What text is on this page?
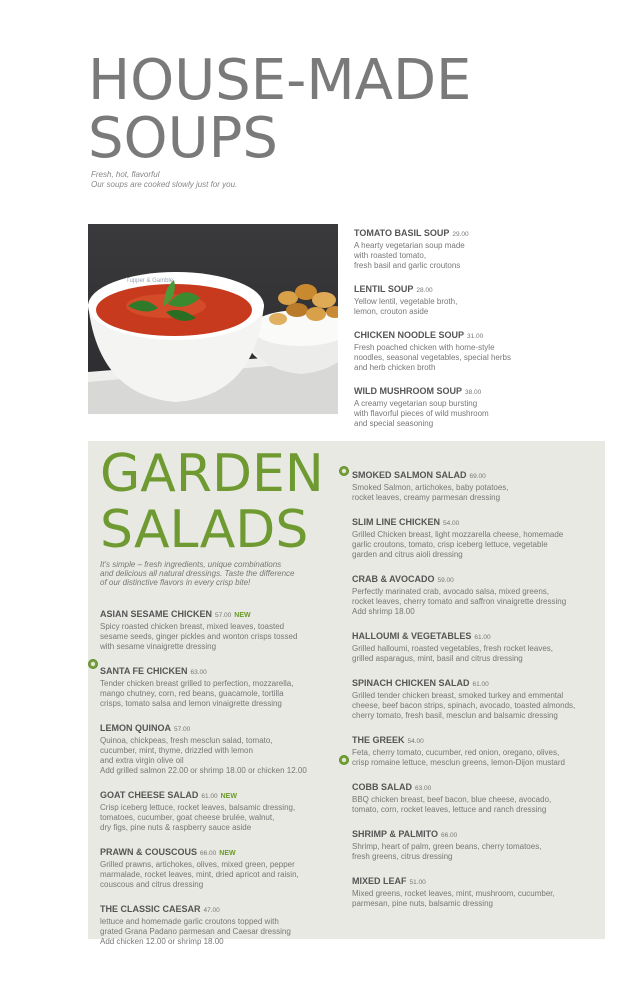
HOUSE-MADE
SOUPS
Fresh, hot, flavorful
Our soups are cooked slowly just for you.
Tupper & Gamble
TOMATO BASIL SOUP 29.00
A hearty vegetarian soup made
with roasted tomato,
fresh basil and garlic croutons
LENTIL SOUP 28.00
Yellow lentil, vegetable broth,
lemon, crouton aside
CHICKEN NOODLE SOUP 31.00
Fresh poached chicken with home-style
noodles, seasonal vegetables, special herbs
and herb chicken broth
WILD MUSHROOM SOUP 38.00
A creamy vegetarian soup bursting
with flavorful pieces of wild mushroom
and special seasoning
GARDEN
SALADS
It's simple – fresh ingredients, unique combinations
and delicious all natural dressings. Taste the difference
of our distinctive flavors in every crisp bite!
ASIAN SESAME CHICKEN 57.00 NEW
Spicy roasted chicken breast, mixed leaves, toasted
sesame seeds, ginger pickles and wonton crisps tossed
with sesame vinaigrette dressing
SANTA FE CHICKEN 63.00
Tender chicken breast grilled to perfection, mozzarella,
mango chutney, corn, red beans, guacamole, tortilla
crisps, tomato salsa and lemon vinaigrette dressing
LEMON QUINOA 57.00
Quinoa, chickpeas, fresh mesclun salad, tomato,
cucumber, mint, thyme, drizzled with lemon
and extra virgin olive oil
Add grilled salmon 22.00 or shrimp 18.00 or chicken 12.00
GOAT CHEESE SALAD 61.00 NEW
Crisp iceberg lettuce, rocket leaves, balsamic dressing,
tomatoes, cucumber, goat cheese brulée, walnut,
dry figs, pine nuts & raspberry sauce aside
PRAWN & COUSCOUS 66.00 NEW
Grilled prawns, artichokes, olives, mixed green, pepper
marmalade, rocket leaves, mint, dried apricot and raisin,
couscous and citrus dressing
THE CLASSIC CAESAR 47.00
lettuce and homemade garlic croutons topped with
grated Grana Padano parmesan and Caesar dressing
Add chicken 12.00 or shrimp 18.00
SMOKED SALMON SALAD 69.00
Smoked Salmon, artichokes, baby potatoes,
rocket leaves, creamy parmesan dressing
SLIM LINE CHICKEN 54.00
Grilled Chicken breast, light mozzarella cheese, homemade
garlic croutons, tomato, crisp iceberg lettuce, vegetable
garden and citrus aioli dressing
CRAB & AVOCADO 59.00
Perfectly marinated crab, avocado salsa, mixed greens,
rocket leaves, cherry tomato and saffron vinaigrette dressing
Add shrimp 18.00
HALLOUMI & VEGETABLES 61.00
Grilled halloumi, roasted vegetables, fresh rocket leaves,
grilled asparagus, mint, basil and citrus dressing
SPINACH CHICKEN SALAD 61.00
Grilled tender chicken breast, smoked turkey and emmental
cheese, beef bacon strips, spinach, avocado, toasted almonds,
cherry tomato, fresh basil, mesclun and balsamic dressing
THE GREEK 54.00
Feta, cherry tomato, cucumber, red onion, oregano, olives,
crisp romaine lettuce, mesclun greens, lemon-Dijon mustard
COBB SALAD 63.00
BBQ chicken breast, beef bacon, blue cheese, avocado,
tomato, corn, rocket leaves, lettuce and ranch dressing
SHRIMP & PALMITO 66.00
Shrimp, heart of palm, green beans, cherry tomatoes,
fresh greens, citrus dressing
MIXED LEAF 51.00
Mixed greens, rocket leaves, mint, mushroom, cucumber,
parmesan, pine nuts, balsamic dressing
